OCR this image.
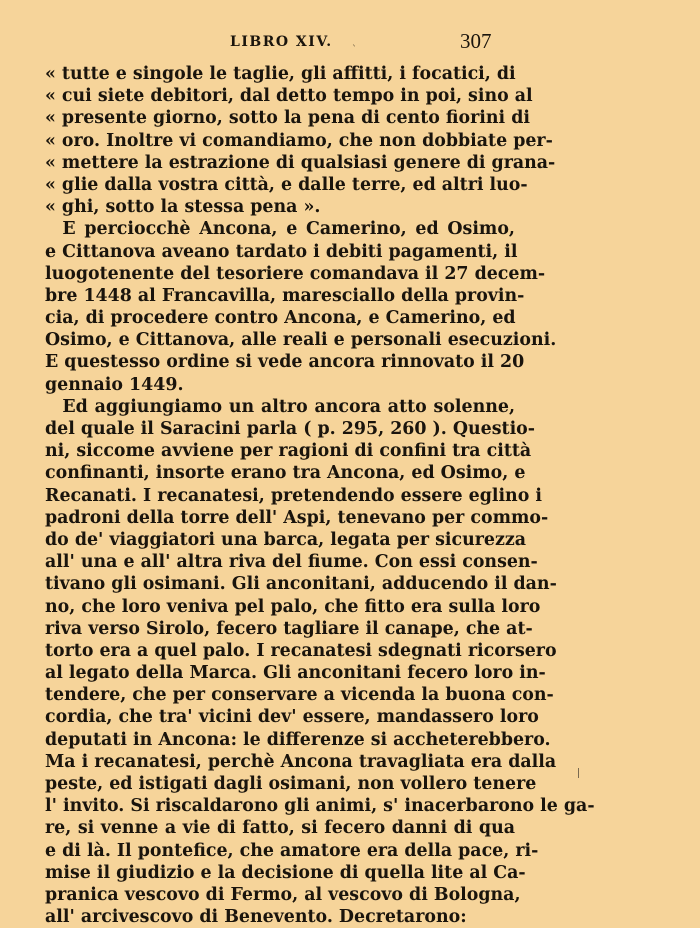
LIBRO XIV.
ˋ	307
« tutte e singole le taglie, gli affitti, i focatici, di
« cui siete debitori, dal detto tempo in poi, sino al
« presente giorno, sotto la pena di cento fiorini di
« oro. Inoltre vi comandiamo, che non dobbiate per-
« mettere la estrazione di qualsiasi genere di grana-
« glie dalla vostra città, e dalle terre, ed altri luo-
« ghi, sotto la stessa pena ».
 E perciocchè Ancona, e Camerino, ed Osimo,
e Cittanova aveano tardato i debiti pagamenti, il
luogotenente del tesoriere comandava il 27 decem-
bre 1448 al Francavilla, maresciallo della provin-
cia, di procedere contro Ancona, e Camerino, ed
Osimo, e Cittanova, alle reali e personali esecuzioni.
E questesso ordine si vede ancora rinnovato il 20
gennaio 1449.
 Ed aggiungiamo un altro ancora atto solenne,
del quale il Saracini parla ( p. 295, 260 ). Questio-
ni, siccome avviene per ragioni di confini tra città
confinanti, insorte erano tra Ancona, ed Osimo, e
Recanati. I recanatesi, pretendendo essere eglino i
padroni della torre dell' Aspi, tenevano per commo-
do de' viaggiatori una barca, legata per sicurezza
all' una e all' altra riva del fiume. Con essi consen-
tivano gli osimani. Gli anconitani, adducendo il dan-
no, che loro veniva pel palo, che fitto era sulla loro
riva verso Sirolo, fecero tagliare il canape, che at-
torto era a quel palo. I recanatesi sdegnati ricorsero
al legato della Marca. Gli anconitani fecero loro in-
tendere, che per conservare a vicenda la buona con-
cordia, che tra' vicini dev' essere, mandassero loro
deputati in Ancona: le differenze si accheterebbero.
Ma i recanatesi, perchè Ancona travagliata era dalla
peste, ed istigati dagli osimani, non vollero tenere
l' invito. Si riscaldarono gli animi, s' inacerbarono le ga-
re, si venne a vie di fatto, si fecero danni di qua
e di là. Il pontefice, che amatore era della pace, ri-
mise il giudizio e la decisione di quella lite al Ca-
pranica vescovo di Fermo, al vescovo di Bologna,
all' arcivescovo di Benevento. Decretarono:
